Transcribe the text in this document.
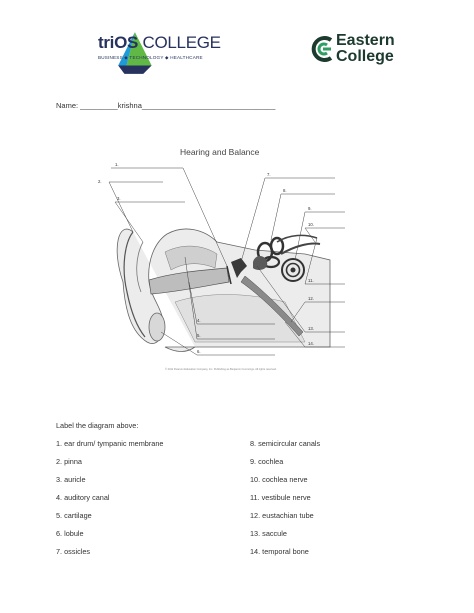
triOS COLLEGE
BUSINESS ◆ TECHNOLOGY ◆ HEALTHCARE
Eastern
College
Name: _________krishna________________________________
Hearing and Balance
1.
2.
3.
4.
5.
6.
7.
8.
9.
10.
11.
12.
13.
14.
© 2011 Pearson Education Company, Inc. Publishing as Benjamin Cummings. All rights reserved.
Label the diagram above:
1. ear drum/ tympanic membrane
2. pinna
3. auricle
4. auditory canal
5. cartilage
6. lobule
7. ossicles
8. semicircular canals
9. cochlea
10. cochlea nerve
11. vestibule nerve
12. eustachian tube
13. saccule
14. temporal bone
